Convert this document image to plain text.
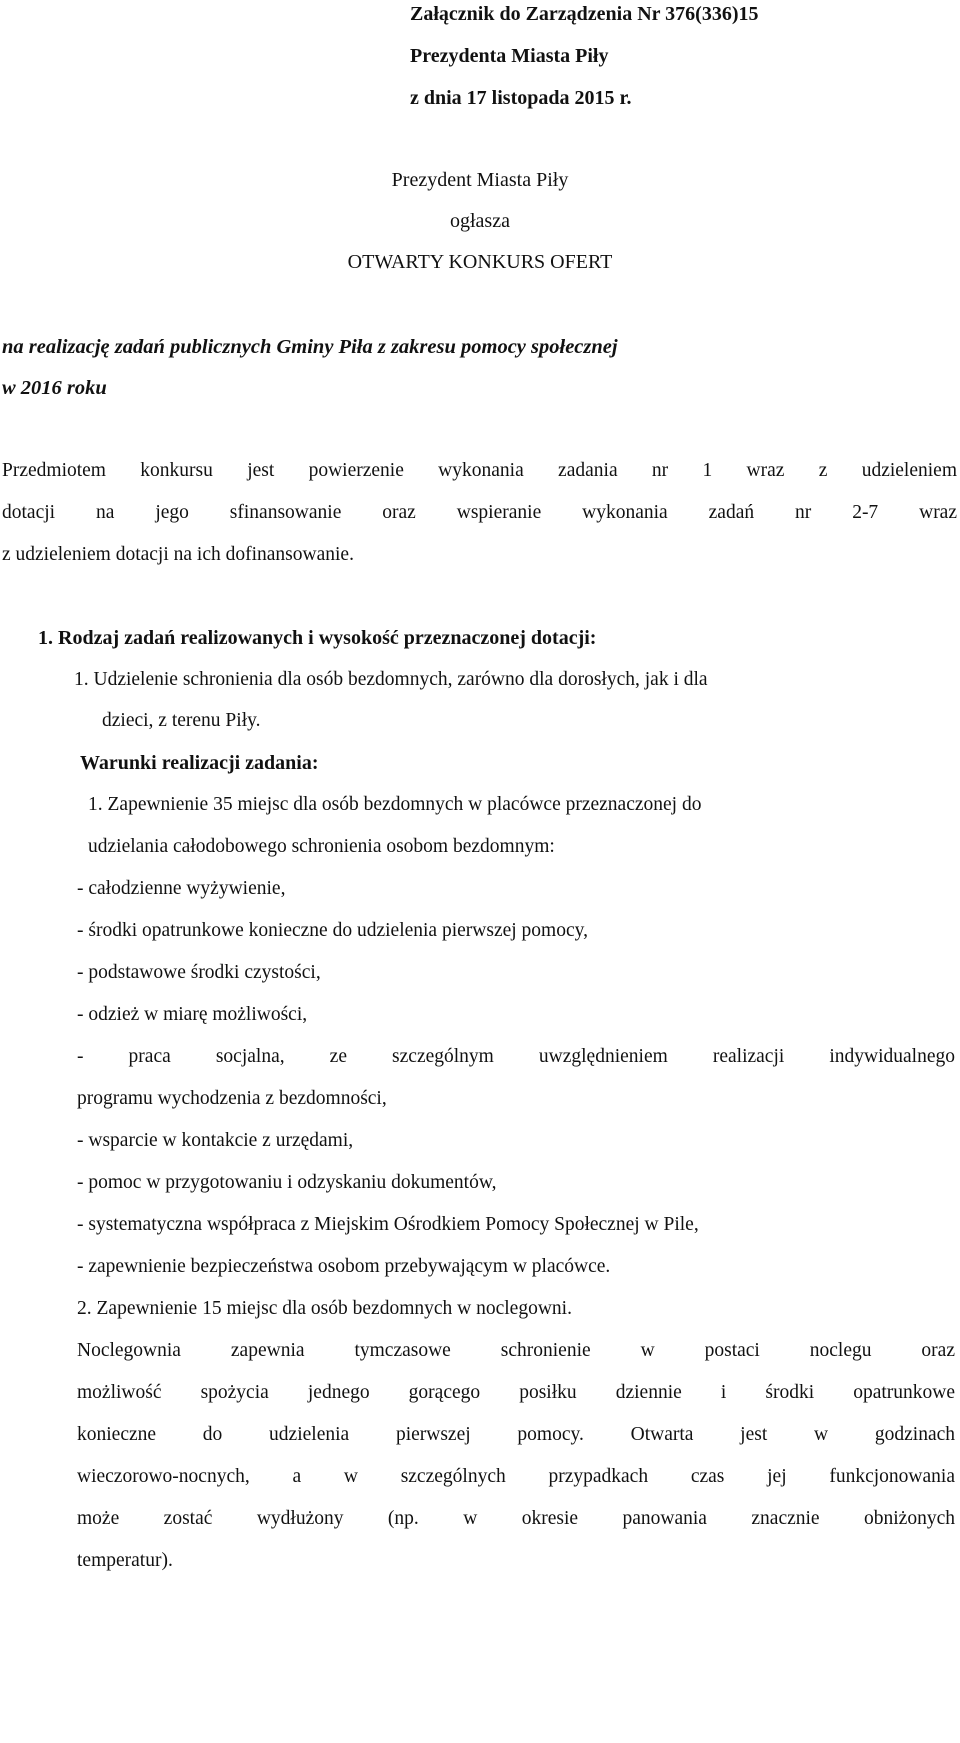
Załącznik do Zarządzenia Nr 376(336)15
Prezydenta Miasta Piły
z dnia 17 listopada 2015 r.
Prezydent Miasta Piły
ogłasza
OTWARTY KONKURS OFERT
na realizację zadań publicznych Gminy Piła z zakresu pomocy społecznej
w 2016 roku
Przedmiotem konkursu jest powierzenie wykonania zadania nr 1 wraz z udzieleniem
dotacji na jego sfinansowanie oraz wspieranie wykonania zadań nr 2-7 wraz
z udzieleniem dotacji na ich dofinansowanie.
1. Rodzaj zadań realizowanych i wysokość przeznaczonej dotacji:
1. Udzielenie schronienia dla osób bezdomnych, zarówno dla dorosłych, jak i dla
dzieci, z terenu Piły.
Warunki realizacji zadania:
1. Zapewnienie 35 miejsc dla osób bezdomnych w placówce przeznaczonej do
udzielania całodobowego schronienia osobom bezdomnym:
- całodzienne wyżywienie,
- środki opatrunkowe konieczne do udzielenia pierwszej pomocy,
- podstawowe środki czystości,
- odzież w miarę możliwości,
- praca socjalna, ze szczególnym uwzględnieniem realizacji indywidualnego
programu wychodzenia z bezdomności,
- wsparcie w kontakcie z urzędami,
- pomoc w przygotowaniu i odzyskaniu dokumentów,
- systematyczna współpraca z Miejskim Ośrodkiem Pomocy Społecznej w Pile,
- zapewnienie bezpieczeństwa osobom przebywającym w placówce.
2. Zapewnienie 15 miejsc dla osób bezdomnych w noclegowni.
Noclegownia zapewnia tymczasowe schronienie w postaci noclegu oraz
możliwość spożycia jednego gorącego posiłku dziennie i środki opatrunkowe
konieczne do udzielenia pierwszej pomocy. Otwarta jest w godzinach
wieczorowo-nocnych, a w szczególnych przypadkach czas jej funkcjonowania
może zostać wydłużony (np. w okresie panowania znacznie obniżonych
temperatur).
